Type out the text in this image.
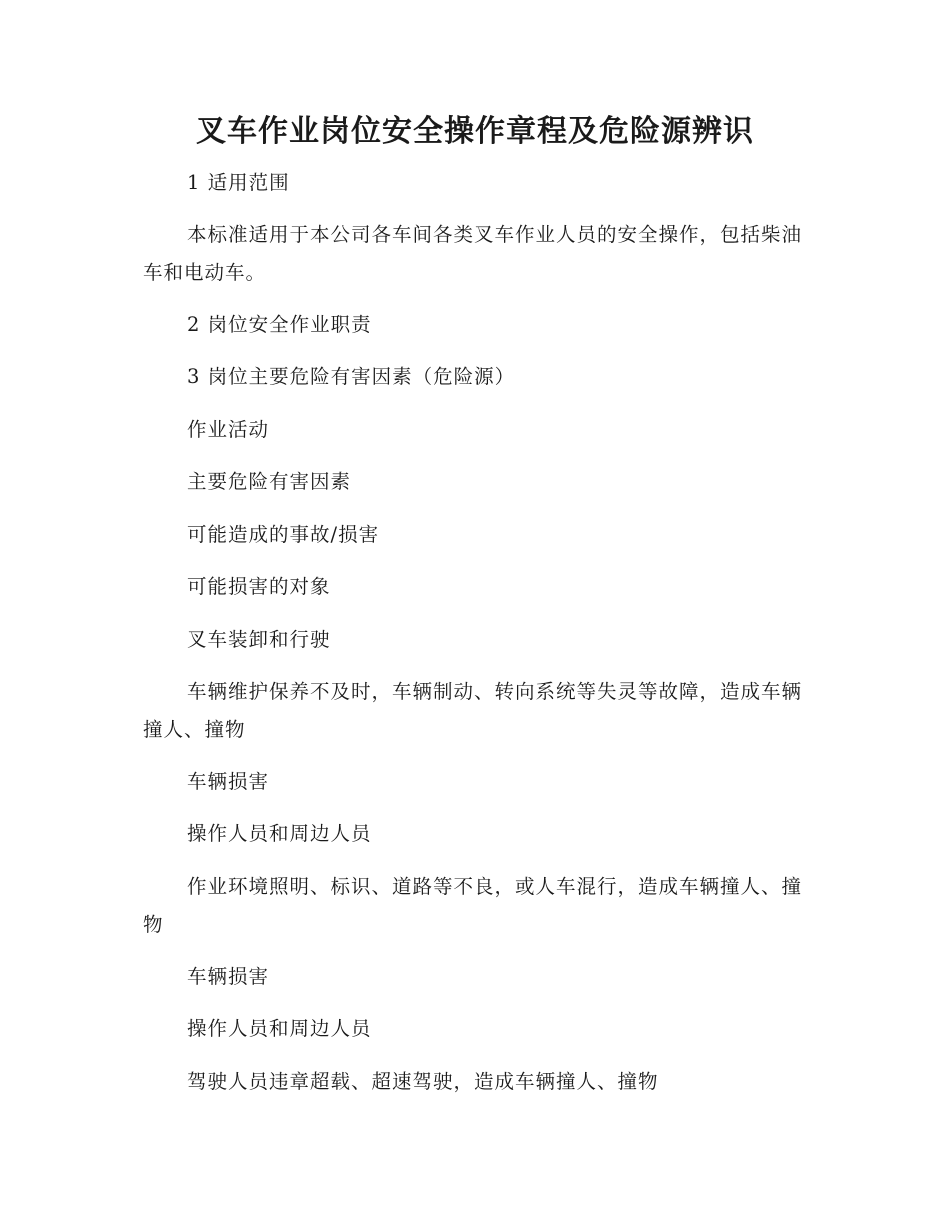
叉车作业岗位安全操作章程及危险源辨识
1 适用范围
本标准适用于本公司各车间各类叉车作业人员的安全操作，包括柴油车和电动车。
2 岗位安全作业职责
3 岗位主要危险有害因素（危险源）
作业活动
主要危险有害因素
可能造成的事故/损害
可能损害的对象
叉车装卸和行驶
车辆维护保养不及时，车辆制动、转向系统等失灵等故障，造成车辆撞人、撞物
车辆损害
操作人员和周边人员
作业环境照明、标识、道路等不良，或人车混行，造成车辆撞人、撞物
车辆损害
操作人员和周边人员
驾驶人员违章超载、超速驾驶，造成车辆撞人、撞物
